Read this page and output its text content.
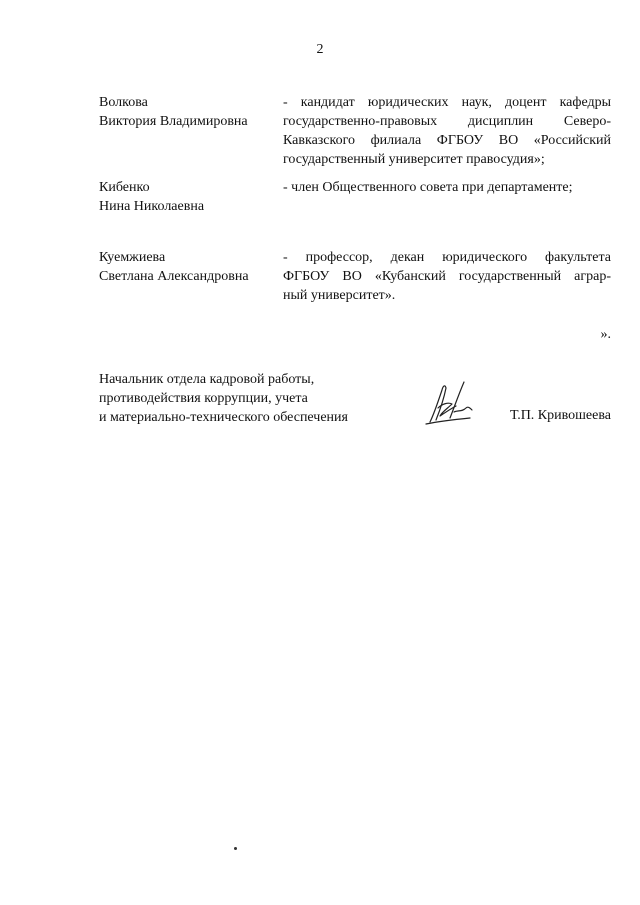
2
Волкова
Виктория Владимировна
- кандидат юридических наук, доцент кафедры
государственно-правовых дисциплин Северо-
Кавказского филиала ФГБОУ ВО «Российский
государственный университет правосудия»;
Кибенко
Нина Николаевна
- член Общественного совета при департаменте;
Куемжиева
Светлана Александровна
- профессор, декан юридического факультета
ФГБОУ ВО «Кубанский государственный аграр-
ный университет».
».
Начальник отдела кадровой работы,
противодействия коррупции, учета
и материально-технического обеспечения	Т.П. Кривошеева
